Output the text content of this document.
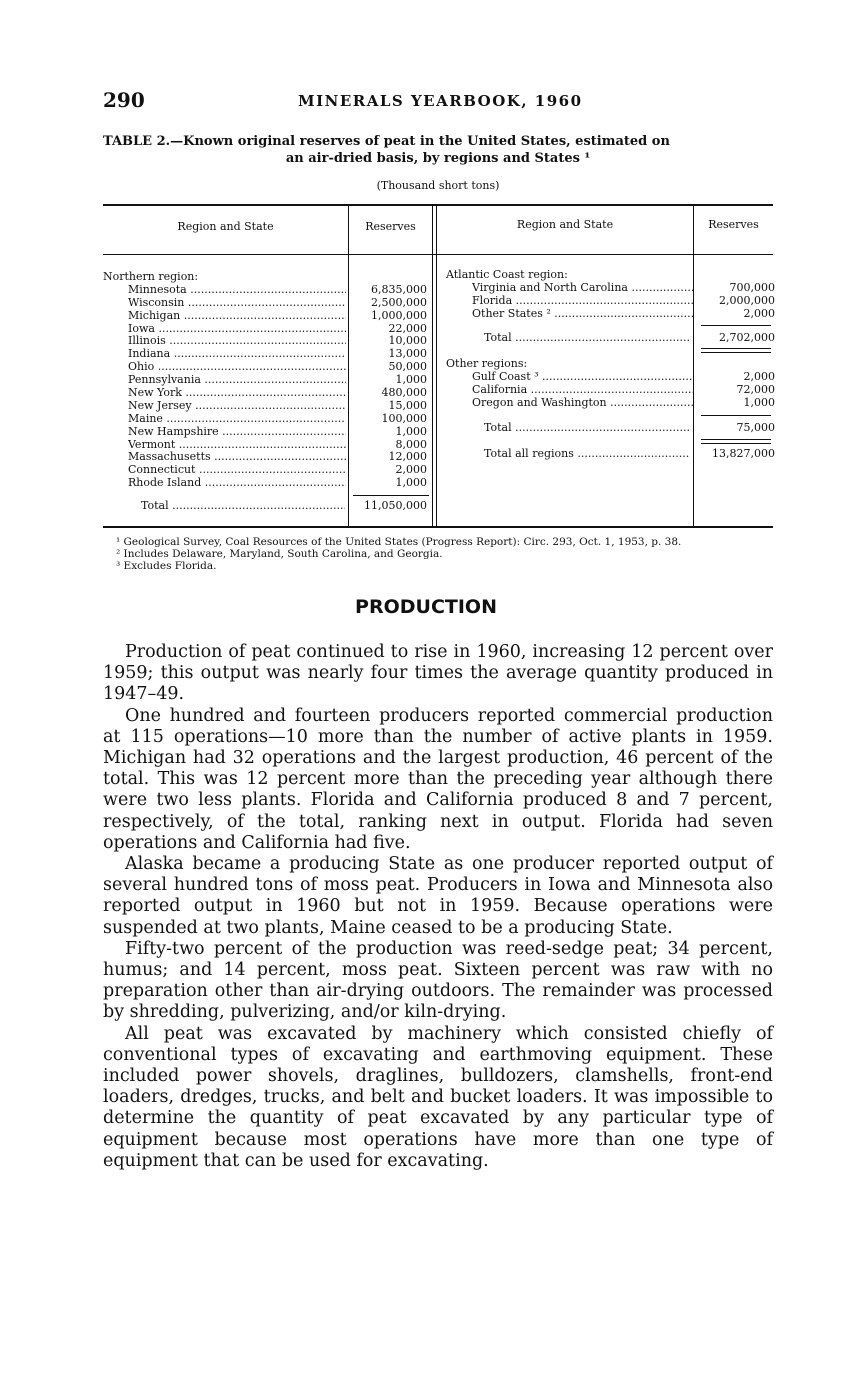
290	MINERALS YEARBOOK, 1960
TABLE 2.—Known original reserves of peat in the United States, estimated on
an air-dried basis, by regions and States ¹
(Thousand short tons)
Region and State	Reserves	Region and State	Reserves
Northern region:
Minnesota .....	6,835,000
Wisconsin .....	2,500,000
Michigan .....	1,000,000
Iowa .....	22,000
Illinois .....	10,000
Indiana .....	13,000
Ohio .....	50,000
Pennsylvania .....	1,000
New York .....	480,000
New Jersey .....	15,000
Maine .....	100,000
New Hampshire .....	1,000
Vermont .....	8,000
Massachusetts .....	12,000
Connecticut .....	2,000
Rhode Island .....	1,000
Total .....	11,050,000
Atlantic Coast region:
Virginia and North Carolina .....	700,000
Florida .....	2,000,000
Other States ² .....	2,000
Total .....	2,702,000
Other regions:
Gulf Coast ³ .....	2,000
California .....	72,000
Oregon and Washington .....	1,000
Total .....	75,000
Total all regions .....	13,827,000
¹ Geological Survey, Coal Resources of the United States (Progress Report): Circ. 293, Oct. 1, 1953, p. 38.
² Includes Delaware, Maryland, South Carolina, and Georgia.
³ Excludes Florida.
PRODUCTION

Production of peat continued to rise in 1960, increasing 12 percent over 1959; this output was nearly four times the average quantity produced in 1947–49.

One hundred and fourteen producers reported commercial production at 115 operations—10 more than the number of active plants in 1959. Michigan had 32 operations and the largest production, 46 percent of the total. This was 12 percent more than the preceding year although there were two less plants. Florida and California produced 8 and 7 percent, respectively, of the total, ranking next in output. Florida had seven operations and California had five.

Alaska became a producing State as one producer reported output of several hundred tons of moss peat. Producers in Iowa and Minnesota also reported output in 1960 but not in 1959. Because operations were suspended at two plants, Maine ceased to be a producing State.

Fifty-two percent of the production was reed-sedge peat; 34 percent, humus; and 14 percent, moss peat. Sixteen percent was raw with no preparation other than air-drying outdoors. The remainder was processed by shredding, pulverizing, and/or kiln-drying.

All peat was excavated by machinery which consisted chiefly of conventional types of excavating and earthmoving equipment. These included power shovels, draglines, bulldozers, clamshells, front-end loaders, dredges, trucks, and belt and bucket loaders. It was impossible to determine the quantity of peat excavated by any particular type of equipment because most operations have more than one type of equipment that can be used for excavating.
